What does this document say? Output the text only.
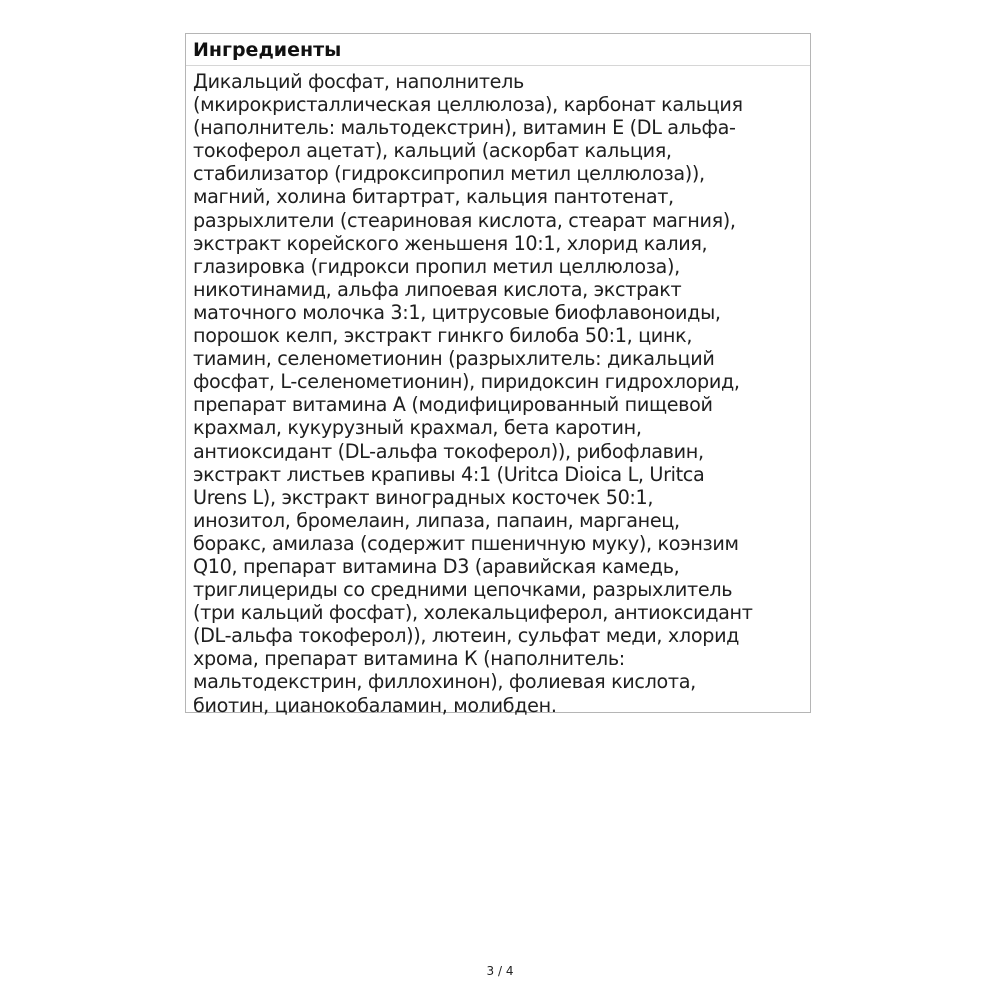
Ингредиенты
Дикальций фосфат, наполнитель
(мкирокристаллическая целлюлоза), карбонат кальция
(наполнитель: мальтодекстрин), витамин Е (DL альфа-
токоферол ацетат), кальций (аскорбат кальция,
стабилизатор (гидроксипропил метил целлюлоза)),
магний, холина битартрат, кальция пантотенат,
разрыхлители (стеариновая кислота, стеарат магния),
экстракт корейского женьшеня 10:1, хлорид калия,
глазировка (гидрокси пропил метил целлюлоза),
никотинамид, альфа липоевая кислота, экстракт
маточного молочка 3:1, цитрусовые биофлавоноиды,
порошок келп, экстракт гинкго билоба 50:1, цинк,
тиамин, селенометионин (разрыхлитель: дикальций
фосфат, L-селенометионин), пиридоксин гидрохлорид,
препарат витамина А (модифицированный пищевой
крахмал, кукурузный крахмал, бета каротин,
антиоксидант (DL-альфа токоферол)), рибофлавин,
экстракт листьев крапивы 4:1 (Uritca Dioica L, Uritca
Urens L), экстракт виноградных косточек 50:1,
инозитол, бромелаин, липаза, папаин, марганец,
боракс, амилаза (содержит пшеничную муку), коэнзим
Q10, препарат витамина D3 (аравийская камедь,
триглицериды со средними цепочками, разрыхлитель
(три кальций фосфат), холекальциферол, антиоксидант
(DL-альфа токоферол)), лютеин, сульфат меди, хлорид
хрома, препарат витамина К (наполнитель:
мальтодекстрин, филлохинон), фолиевая кислота,
биотин, цианокобаламин, молибден.
3 / 4
